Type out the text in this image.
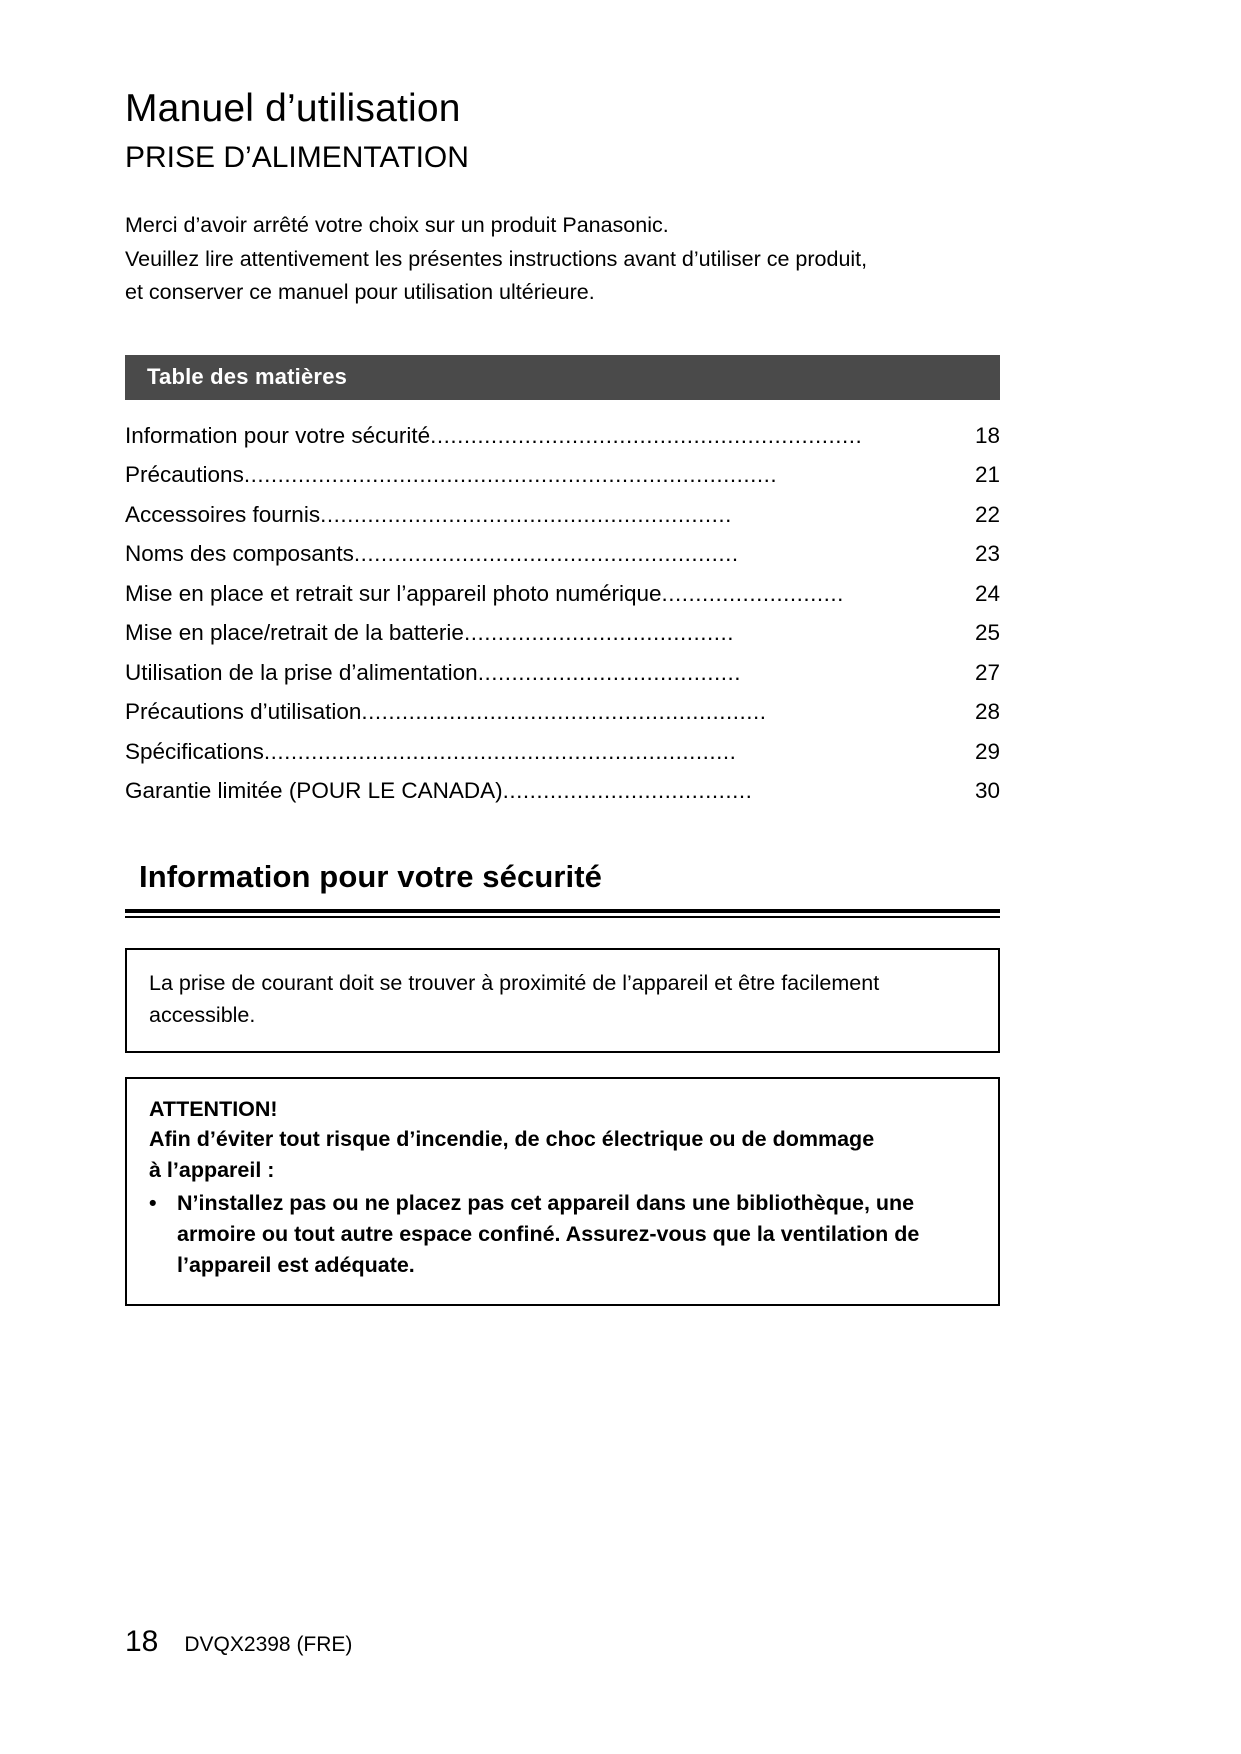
Manuel d’utilisation
PRISE D’ALIMENTATION
Merci d’avoir arrêté votre choix sur un produit Panasonic.
Veuillez lire attentivement les présentes instructions avant d’utiliser ce produit,
et conserver ce manuel pour utilisation ultérieure.
Table des matières
Information pour votre sécurité ................................................................	18
Précautions ...............................................................................	21
Accessoires fournis .............................................................	22
Noms des composants .........................................................	23
Mise en place et retrait sur l’appareil photo numérique ...........................	24
Mise en place/retrait de la batterie ........................................	25
Utilisation de la prise d’alimentation .......................................	27
Précautions d’utilisation ............................................................	28
Spécifications ......................................................................	29
Garantie limitée (POUR LE CANADA) .....................................	30
Information pour votre sécurité

La prise de courant doit se trouver à proximité de l’appareil et être facilement accessible.

ATTENTION!

Afin d’éviter tout risque d’incendie, de choc électrique ou de dommage

à l’appareil :

• N’installez pas ou ne placez pas cet appareil dans une bibliothèque, une armoire ou tout autre espace confiné. Assurez-vous que la ventilation de l’appareil est adéquate.
18 DVQX2398 (FRE)
